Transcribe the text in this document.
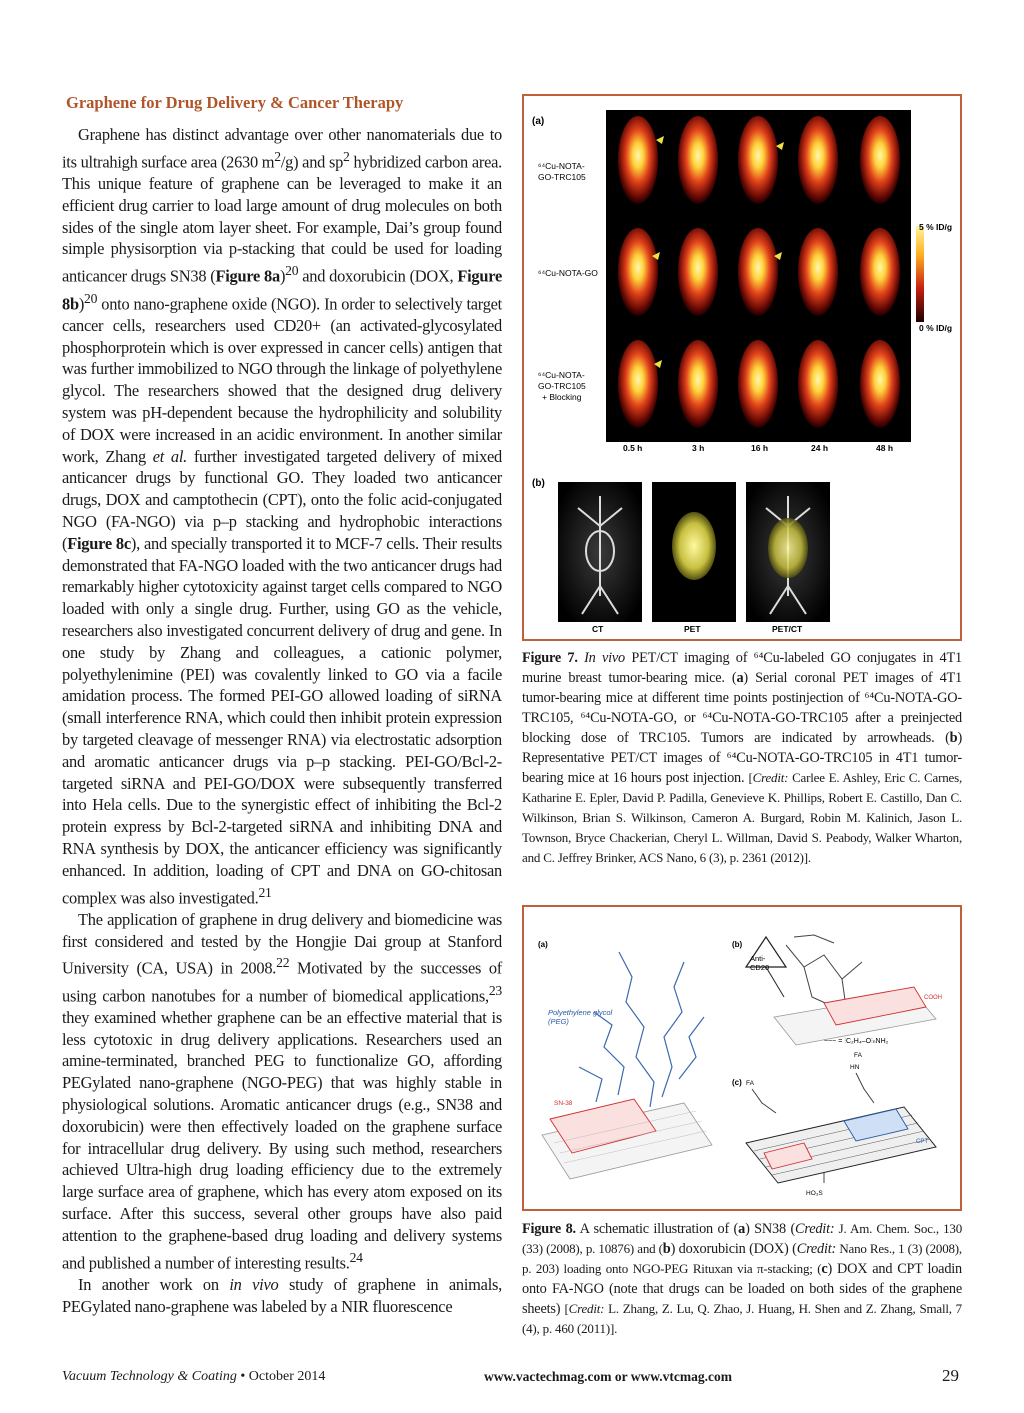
Graphene for Drug Delivery & Cancer Therapy

Graphene has distinct advantage over other nanomaterials due to its ultrahigh surface area (2630 $m^2/g$) and $sp^2$ hybridized carbon area. This unique feature of graphene can be leveraged to make it an efficient drug carrier to load large amount of drug molecules on both sides of the single atom layer sheet. For example, Dai’s group found simple physisorption via p-stacking that could be used for loading anticancer drugs SN38 (Figure 8a)$^{20}$ and doxorubicin (DOX, Figure 8b)$^{20}$ onto nano-graphene oxide (NGO). In order to selectively target cancer cells, researchers used CD20+ (an activated-glycosylated phosphorprotein which is over expressed in cancer cells) antigen that was further immobilized to NGO through the linkage of polyethylene glycol. The researchers showed that the designed drug delivery system was pH-dependent because the hydrophilicity and solubility of DOX were increased in an acidic environment. In another similar work, Zhang et al. further investigated targeted delivery of mixed anticancer drugs by functional GO. They loaded two anticancer drugs, DOX and camptothecin (CPT), onto the folic acid-conjugated NGO (FA-NGO) via p–p stacking and hydrophobic interactions (Figure 8c), and specially transported it to MCF-7 cells. Their results demonstrated that FA-NGO loaded with the two anticancer drugs had remarkably higher cytotoxicity against target cells compared to NGO loaded with only a single drug. Further, using GO as the vehicle, researchers also investigated concurrent delivery of drug and gene. In one study by Zhang and colleagues, a cationic polymer, polyethylenimine (PEI) was covalently linked to GO via a facile amidation process. The formed PEI-GO allowed loading of siRNA (small interference RNA, which could then inhibit protein expression by targeted cleavage of messenger RNA) via electrostatic adsorption and aromatic anticancer drugs via p–p stacking. PEI-GO/Bcl-2-targeted siRNA and PEI-GO/DOX were subsequently transferred into Hela cells. Due to the synergistic effect of inhibiting the Bcl-2 protein express by Bcl-2-targeted siRNA and inhibiting DNA and RNA synthesis by DOX, the anticancer efficiency was significantly enhanced. In addition, loading of CPT and DNA on GO-chitosan complex was also investigated.$^{21}$

The application of graphene in drug delivery and biomedicine was first considered and tested by the Hongjie Dai group at Stanford University (CA, USA) in 2008.22 Motivated by the successes of using carbon nanotubes for a number of biomedical applications,$^{23}$ they examined whether graphene can be an effective material that is less cytotoxic in drug delivery applications. Researchers used an amine-terminated, branched PEG to functionalize GO, affording PEGylated nano-graphene (NGO-PEG) that was highly stable in physiological solutions. Aromatic anticancer drugs (e.g., SN38 and doxorubicin) were then effectively loaded on the graphene surface for intracellular drug delivery. By using such method, researchers achieved Ultra-high drug loading efficiency due to the extremely large surface area of graphene, which has every atom exposed on its surface. After this success, several other groups have also paid attention to the graphene-based drug loading and delivery systems and published a number of interesting results.$^{24}$

In another work on in vivo study of graphene in animals, PEGylated nano-graphene was labeled by a NIR fluorescence

(a)
⁶⁴Cu-NOTA-
GO-TRC105
⁶⁴Cu-NOTA-GO
⁶⁴Cu-NOTA-
GO-TRC105
+ Blocking
5 % ID/g
0 % ID/g
0.5 h	3 h	16 h	24 h	48 h
(b)
CT	PET	PET/CT
Figure 7. In vivo PET/CT imaging of ⁶⁴Cu-labeled GO conjugates in 4T1 murine breast tumor-bearing mice. (a) Serial coronal PET images of 4T1 tumor-bearing mice at different time points postinjection of ⁶⁴Cu-NOTA-GO-TRC105, ⁶⁴Cu-NOTA-GO, or ⁶⁴Cu-NOTA-GO-TRC105 after a preinjected blocking dose of TRC105. Tumors are indicated by arrowheads. (b) Representative PET/CT images of ⁶⁴Cu-NOTA-GO-TRC105 in 4T1 tumor-bearing mice at 16 hours post injection. [Credit: Carlee E. Ashley, Eric C. Carnes, Katharine E. Epler, David P. Padilla, Genevieve K. Phillips, Robert E. Castillo, Dan C. Wilkinson, Brian S. Wilkinson, Cameron A. Burgard, Robin M. Kalinich, Jason L. Townson, Bryce Chackerian, Cheryl L. Willman, David S. Peabody, Walker Wharton, and C. Jeffrey Brinker, ACS Nano, 6 (3), p. 2361 (2012)].
(a)	(b)
(c)
Polyethylene glycol
(PEG)
SN-38
Anti-
CD20
COOH
~~~ = ⫶C₂H₄–O⫶ₙNH₂
FA
HN
FA
CPT
HO₃S
Figure 8. A schematic illustration of (a) SN38 (Credit: J. Am. Chem. Soc., 130 (33) (2008), p. 10876) and (b) doxorubicin (DOX) (Credit: Nano Res., 1 (3) (2008), p. 203) loading onto NGO-PEG Rituxan via π-stacking; (c) DOX and CPT loadin onto FA-NGO (note that drugs can be loaded on both sides of the graphene sheets) [Credit: L. Zhang, Z. Lu, Q. Zhao, J. Huang, H. Shen and Z. Zhang, Small, 7 (4), p. 460 (2011)].
Vacuum Technology & Coating • October 2014	www.vactechmag.com or www.vtcmag.com	29
